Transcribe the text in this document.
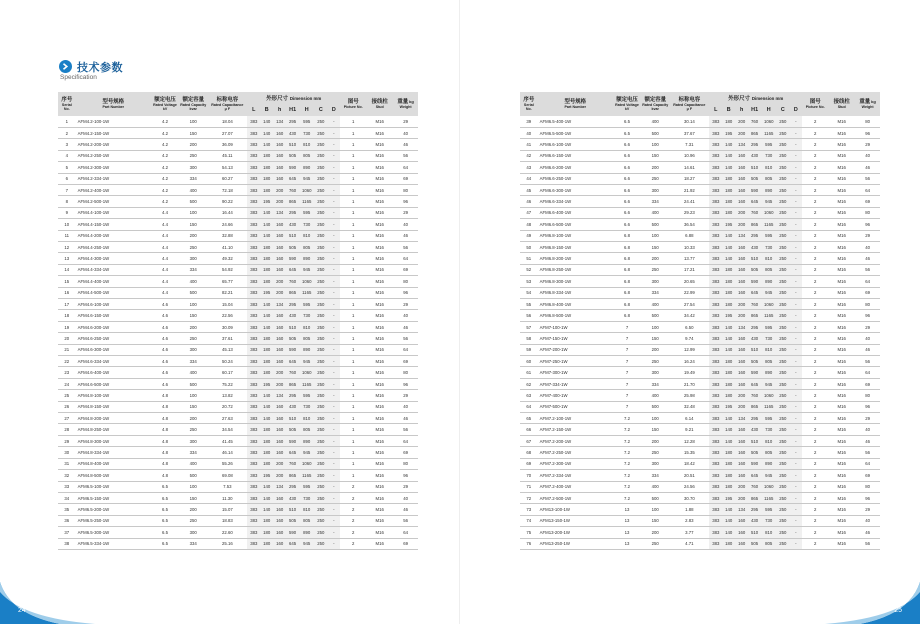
技术参数
Specification
序号
Serial
No.	型号规格
Part Number	额定电压
Rated Voltage
kV	额定容量
Rated Capacity
kvar	标称电容
Rated Capacitance
μ F	外形尺寸 Dimension mm							图号
Picture No.	接线柱
Stud	重量kg
Weight

					L	B	h	H1	H	C	D			
1	AFM4.2-100-1W	4.2	100	18.04	383	140	134	295	595	250	-	1	M16	29
2	AFM4.2-150-1W	4.2	150	27.07	383	140	160	430	730	250	-	1	M16	40
3	AFM4.2-200-1W	4.2	200	36.09	383	140	160	510	810	250	-	1	M16	46
4	AFM4.2-250-1W	4.2	250	45.11	383	180	160	505	805	250	-	1	M16	56
5	AFM4.2-300-1W	4.2	300	54.13	383	180	160	590	890	250	-	1	M16	64
6	AFM4.2-334-1W	4.2	334	60.27	383	180	160	645	945	250	-	1	M16	69
7	AFM4.2-400-1W	4.2	400	72.18	383	180	200	760	1060	250	-	1	M16	80
8	AFM4.2-500-1W	4.2	500	90.22	383	195	200	865	1165	250	-	1	M16	96
9	AFM4.4-100-1W	4.4	100	16.44	383	140	134	295	595	250	-	1	M16	29
10	AFM4.4-150-1W	4.4	150	24.66	383	140	160	430	730	250	-	1	M16	40
11	AFM4.4-200-1W	4.4	200	32.88	383	140	160	510	810	250	-	1	M16	46
12	AFM4.4-250-1W	4.4	250	41.10	383	180	160	505	805	250	-	1	M16	56
13	AFM4.4-300-1W	4.4	300	49.32	383	180	160	590	890	250	-	1	M16	64
14	AFM4.4-334-1W	4.4	334	54.92	383	180	160	645	945	250	-	1	M16	69
15	AFM4.4-400-1W	4.4	400	65.77	383	180	200	760	1060	250	-	1	M16	80
16	AFM4.4-500-1W	4.4	500	82.21	383	195	200	865	1165	250	-	1	M16	96
17	AFM4.6-100-1W	4.6	100	15.04	383	140	134	295	595	250	-	1	M16	29
18	AFM4.6-150-1W	4.6	150	22.56	383	140	160	430	730	250	-	1	M16	40
19	AFM4.6-200-1W	4.6	200	30.09	383	140	160	510	810	250	-	1	M16	46
20	AFM4.6-250-1W	4.6	250	37.61	383	180	160	505	805	250	-	1	M16	56
21	AFM4.6-300-1W	4.6	300	45.13	383	180	160	590	890	250	-	1	M16	64
22	AFM4.6-334-1W	4.6	334	50.24	383	180	160	645	945	250	-	1	M16	69
23	AFM4.6-400-1W	4.6	400	60.17	383	180	200	760	1060	250	-	1	M16	80
24	AFM4.6-500-1W	4.6	500	75.22	383	195	200	865	1165	250	-	1	M16	96
25	AFM4.8-100-1W	4.8	100	13.82	383	140	134	295	595	250	-	1	M16	29
26	AFM4.8-150-1W	4.8	150	20.72	383	140	160	430	730	250	-	1	M16	40
27	AFM4.8-200-1W	4.8	200	27.63	383	140	160	510	810	250	-	1	M16	46
28	AFM4.8-250-1W	4.8	250	34.54	383	180	160	505	805	250	-	1	M16	56
29	AFM4.8-300-1W	4.8	300	41.45	383	180	160	590	890	250	-	1	M16	64
30	AFM4.8-334-1W	4.8	334	46.14	383	180	160	645	945	250	-	1	M16	69
31	AFM4.8-400-1W	4.8	400	55.26	383	180	200	760	1060	250	-	1	M16	80
32	AFM4.8-500-1W	4.8	500	69.08	383	195	200	865	1165	250	-	1	M16	96
33	AFM6.5-100-1W	6.5	100	7.53	383	140	134	295	595	250	-	2	M16	29
34	AFM6.5-150-1W	6.5	150	11.30	383	140	160	430	730	250	-	2	M16	40
35	AFM6.5-200-1W	6.5	200	15.07	383	140	160	510	810	250	-	2	M16	46
36	AFM6.5-250-1W	6.5	250	18.83	383	180	160	505	805	250	-	2	M16	56
37	AFM6.5-300-1W	6.5	300	22.60	383	180	160	590	890	250	-	2	M16	64
38	AFM6.5-334-1W	6.5	334	25.16	383	180	160	645	945	250	-	2	M16	69
24
序号
Serial
No.	型号规格
Part Number	额定电压
Rated Voltage
kV	额定容量
Rated Capacity
kvar	标称电容
Rated Capacitance
μ F	外形尺寸 Dimension mm							图号
Picture No.	接线柱
Stud	重量kg
Weight

					L	B	h	H1	H	C	D			
39	AFM6.5-400-1W	6.5	400	30.14	383	180	200	760	1060	250	-	2	M16	80
40	AFM6.5-500-1W	6.5	500	37.67	383	195	200	865	1165	250	-	2	M16	96
41	AFM6.6-100-1W	6.6	100	7.31	383	140	134	295	595	250	-	2	M16	29
42	AFM6.6-150-1W	6.6	150	10.96	383	140	160	430	730	250	-	2	M16	40
43	AFM6.6-200-1W	6.6	200	14.61	383	140	160	510	810	250	-	2	M16	46
44	AFM6.6-250-1W	6.6	250	18.27	383	180	160	505	805	250	-	2	M16	56
45	AFM6.6-300-1W	6.6	300	21.92	383	180	160	590	890	250	-	2	M16	64
46	AFM6.6-334-1W	6.6	334	24.41	383	180	160	645	945	250	-	2	M16	69
47	AFM6.6-400-1W	6.6	400	29.23	383	180	200	760	1060	250	-	2	M16	80
48	AFM6.6-500-1W	6.6	500	36.54	383	195	200	865	1165	250	-	2	M16	96
49	AFM6.8-100-1W	6.8	100	6.88	383	140	134	295	595	250	-	2	M16	29
50	AFM6.8-150-1W	6.8	150	10.33	383	140	160	430	730	250	-	2	M16	40
51	AFM6.8-200-1W	6.8	200	13.77	383	140	160	510	810	250	-	2	M16	46
52	AFM6.8-250-1W	6.8	250	17.21	383	180	160	505	805	250	-	2	M16	56
53	AFM6.8-300-1W	6.8	300	20.65	383	180	160	590	890	250	-	2	M16	64
54	AFM6.8-334-1W	6.8	334	22.99	383	180	160	645	945	250	-	2	M16	69
55	AFM6.8-400-1W	6.8	400	27.54	383	180	200	760	1060	250	-	2	M16	80
56	AFM6.8-500-1W	6.8	500	34.42	383	195	200	865	1165	250	-	2	M16	96
57	AFM7-100-1W	7	100	6.50	383	140	134	295	595	250	-	2	M16	29
58	AFM7-150-1W	7	150	9.74	383	140	160	430	730	250	-	2	M16	40
59	AFM7-200-1W	7	200	12.99	383	140	160	510	810	250	-	2	M16	46
60	AFM7-250-1W	7	250	16.24	383	180	160	505	805	250	-	2	M16	56
61	AFM7-300-1W	7	300	19.49	383	180	160	590	890	250	-	2	M16	64
62	AFM7-334-1W	7	334	21.70	383	180	160	645	945	250	-	2	M16	69
63	AFM7-400-1W	7	400	25.98	383	180	200	760	1060	250	-	2	M16	80
64	AFM7-500-1W	7	500	32.48	383	195	200	865	1165	250	-	2	M16	96
65	AFM7.2-100-1W	7.2	100	6.14	383	140	134	295	595	250	-	2	M16	29
66	AFM7.2-150-1W	7.2	150	9.21	383	140	160	430	730	250	-	2	M16	40
67	AFM7.2-200-1W	7.2	200	12.28	383	140	160	510	810	250	-	2	M16	46
68	AFM7.2-250-1W	7.2	250	15.35	383	180	160	505	805	250	-	2	M16	56
69	AFM7.2-300-1W	7.2	300	18.42	383	180	160	590	890	250	-	2	M16	64
70	AFM7.2-334-1W	7.2	334	20.51	383	180	160	645	945	250	-	2	M16	69
71	AFM7.2-400-1W	7.2	400	24.56	383	180	200	760	1060	250	-	2	M16	80
72	AFM7.2-500-1W	7.2	500	30.70	383	195	200	865	1165	250	-	2	M16	96
73	AFM13-100-1W	13	100	1.88	383	140	134	295	595	250	-	2	M16	29
74	AFM13-150-1W	13	150	2.83	383	140	160	430	730	250	-	2	M16	40
75	AFM13-200-1W	13	200	3.77	383	140	160	510	810	250	-	2	M16	46
76	AFM13-250-1W	13	250	4.71	383	180	160	505	805	250	-	2	M16	56
25
